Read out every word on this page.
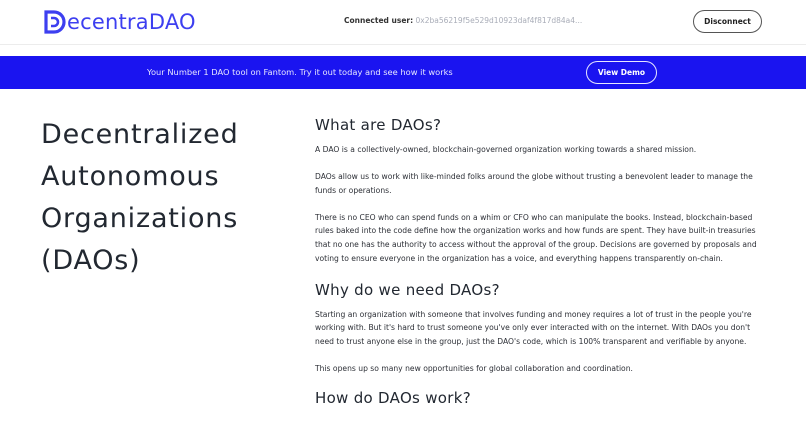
ecentraDAO	Connected user: 0x2ba56219f5e529d10923daf4f817d84a4...	Disconnect
Your Number 1 DAO tool on Fantom. Try it out today and see how it works	View Demo
Decentralized
Autonomous
Organizations
(DAOs)
What are DAOs?

A DAO is a collectively-owned, blockchain-governed organization working towards a shared mission.

DAOs allow us to work with like-minded folks around the globe without trusting a benevolent leader to manage the funds or operations.

There is no CEO who can spend funds on a whim or CFO who can manipulate the books. Instead, blockchain-based rules baked into the code define how the organization works and how funds are spent. They have built-in treasuries that no one has the authority to access without the approval of the group. Decisions are governed by proposals and voting to ensure everyone in the organization has a voice, and everything happens transparently on-chain.

Why do we need DAOs?

Starting an organization with someone that involves funding and money requires a lot of trust in the people you're working with. But it's hard to trust someone you've only ever interacted with on the internet. With DAOs you don't need to trust anyone else in the group, just the DAO's code, which is 100% transparent and verifiable by anyone.

This opens up so many new opportunities for global collaboration and coordination.

How do DAOs work?
